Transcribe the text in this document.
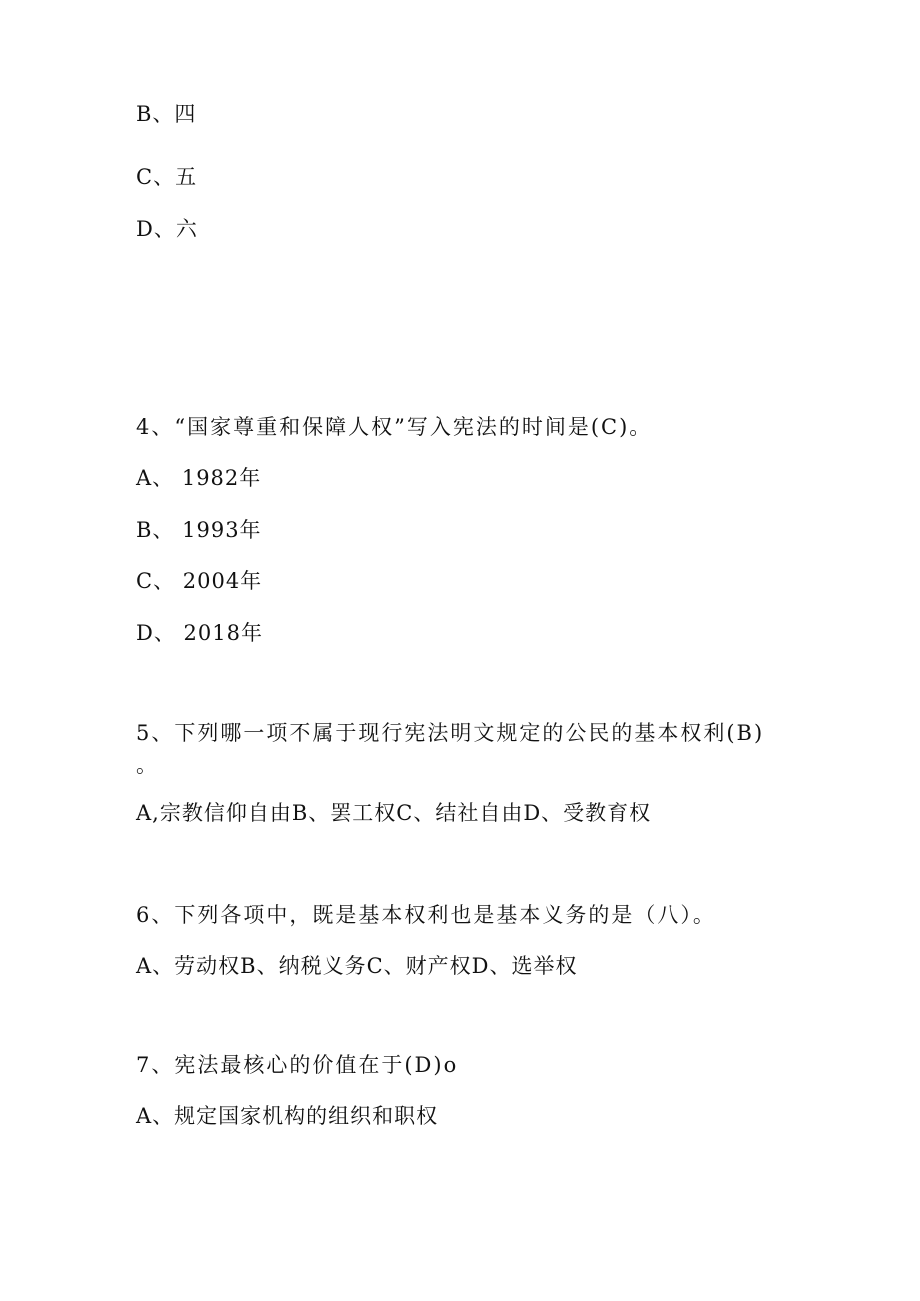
B、四
C、五
D、六
4、“国家尊重和保障人权”写入宪法的时间是(C)。
A、 1982年
B、 1993年
C、 2004年
D、 2018年
5、下列哪一项不属于现行宪法明文规定的公民的基本权利(B)
。
A,宗教信仰自由B、罢工权C、结社自由D、受教育权
6、下列各项中，既是基本权利也是基本义务的是（八）。
A、劳动权B、纳税义务C、财产权D、选举权
7、宪法最核心的价值在于(D)o
A、规定国家机构的组织和职权
